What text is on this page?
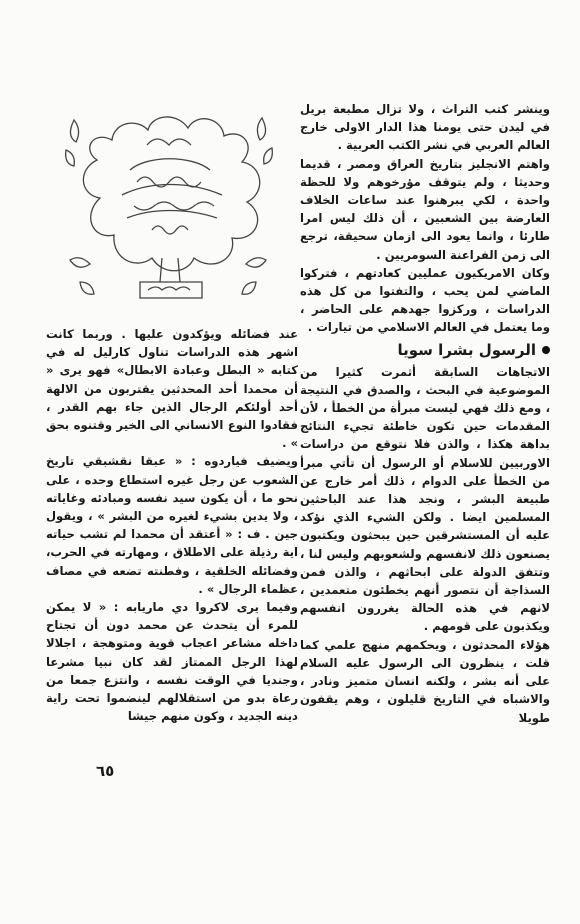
وينشر كتب التراث ، ولا تزال مطبعة بريل في ليدن حتى يومنا هذا الدار الاولى خارج العالم العربي في نشر الكتب العربية .

واهتم الانجليز بتاريخ العراق ومصر ، قديما وحديثا ، ولم يتوقف مؤرخوهم ولا للحظة واحدة ، لكي يبرهنوا عند ساعات الخلاف العارضة بين الشعبين ، أن ذلك ليس امرا طارئا ، وانما يعود الى ازمان سحيقة، ترجع الى زمن الفراعنة السومريين .

وكان الامريكيون عمليين كعادتهم ، فتركوا الماضي لمن يحب ، والتفتوا من كل هذه الدراسات ، وركزوا جهدهم على الحاضر ، وما يعتمل في العالم الاسلامي من تيارات .

الرسول بشرا سويا

الاتجاهات السابقة أثمرت كثيرا من الموضوعية في البحث ، والصدق في النتيجة ، ومع ذلك فهي ليست مبرأة من الخطأ ، لأن المقدمات حين تكون خاطئة تجيء النتائج بداهة هكذا ، والذن فلا نتوقع من دراسات الاوربيين للاسلام أو الرسول أن تأتي مبرأ من الخطأ على الدوام ، ذلك أمر خارج عن طبيعة البشر ، ونجد هذا عند الباحثين المسلمين ايضا . ولكن الشيء الذي نؤكد عليه أن المستشرقين حين يبحثون ويكتبون يصنعون ذلك لانفسهم ولشعوبهم وليس لنا ، وتتفق الدولة على ابحاثهم ، والذن فمن السذاجة أن نتصور أنهم يخطئون متعمدين ، لانهم في هذه الحالة يغررون انفسهم ويكذبون على قومهم .

هؤلاء المحدثون ، ويحكمهم منهج علمي كما قلت ، ينظرون الى الرسول عليه السلام على أنه بشر ، ولكنه انسان متميز ونادر ، والاشباه في التاريخ قليلون ، وهم يقفون طويلا

عند فضائله ويؤكدون عليها . وربما كانت اشهر هذه الدراسات تناول كارليل له في كتابه « البطل وعبادة الابطال» فهو يرى « أن محمدا أحد المحدثين يقتربون من الالهة أحد أولئكم الرجال الذين جاء بهم القدر ، فقادوا النوع الانساني الى الخير وقتنوه بحق » .

ويضيف فياردوه : « عبقا نقشبقي تاريخ الشعوب عن رجل غيره استطاع وحده ، على نحو ما ، أن يكون سيد نفسه ومبادئه وغاياته ، ولا يدين بشيء لغيره من البشر » ، ويقول جين . ف : « أعتقد أن محمدا لم تشب حياته اية رذيلة على الاطلاق ، ومهارته في الحرب، وفضائله الخلقية ، وفطنته تضعه في مصاف عظماء الرجال » .

وفيما يرى لاكروا دي ماريابه : « لا يمكن للمرء أن يتحدث عن محمد دون أن تجتاح داخله مشاعر اعجاب قوية ومتوهجة ، اجلالا لهذا الرجل الممتاز لقد كان نبيا مشرعا وجنديا في الوقت نفسه ، وانتزع جمعا من رعاة بدو من استقلالهم لينضموا تحت راية دينه الجديد ، وكون منهم جيشا

٦٥
